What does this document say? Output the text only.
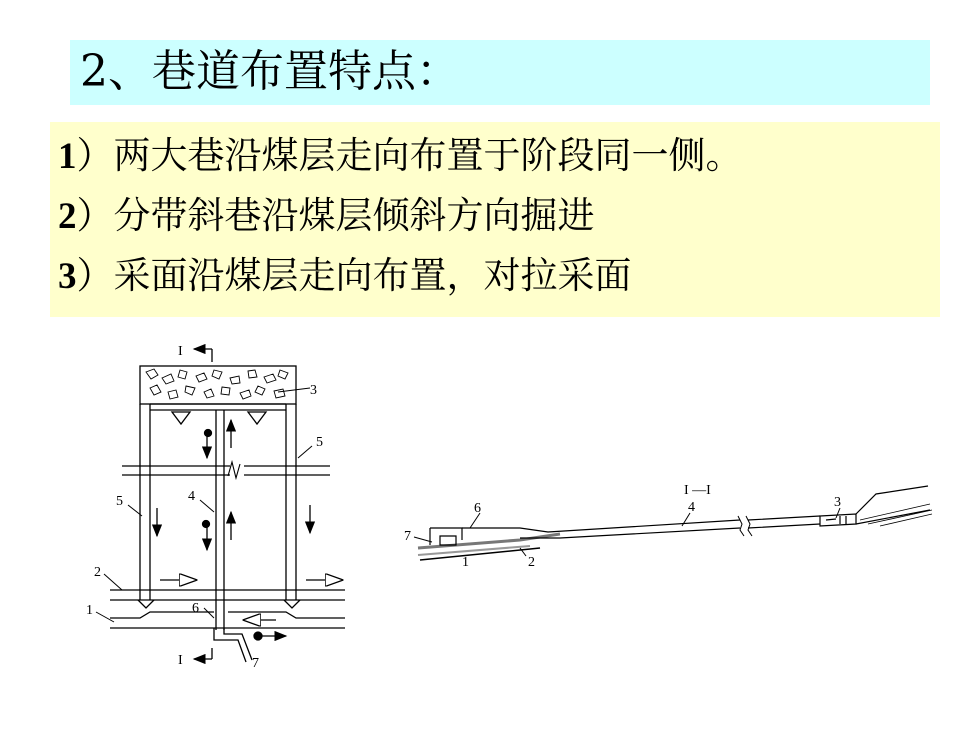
2、巷道布置特点：
1）两大巷沿煤层走向布置于阶段同一侧。
2）分带斜巷沿煤层倾斜方向掘进
3）采面沿煤层走向布置，对拉采面
I
I
3
5
4
5
2
1	6
7
I —I
6
7
4	3
2
1
